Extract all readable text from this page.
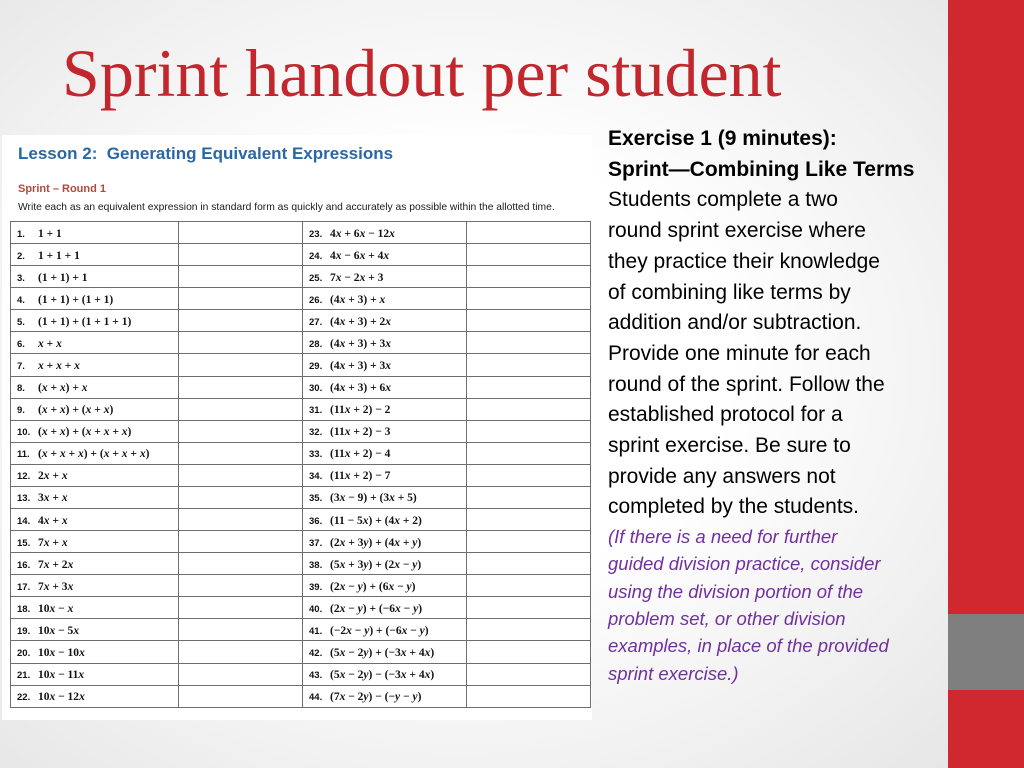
Sprint handout per student
Lesson 2:  Generating Equivalent Expressions
Sprint – Round 1
Write each as an equivalent expression in standard form as quickly and accurately as possible within the allotted time.
1. 1 + 1		23. 4x + 6x − 12x	
2. 1 + 1 + 1		24. 4x − 6x + 4x	
3. (1 + 1) + 1		25. 7x − 2x + 3	
4. (1 + 1) + (1 + 1)		26. (4x + 3) + x	
5. (1 + 1) + (1 + 1 + 1)		27. (4x + 3) + 2x	
6. x + x		28. (4x + 3) + 3x	
7. x + x + x		29. (4x + 3) + 3x	
8. (x + x) + x		30. (4x + 3) + 6x	
9. (x + x) + (x + x)		31. (11x + 2) − 2	
10. (x + x) + (x + x + x)		32. (11x + 2) − 3	
11. (x + x + x) + (x + x + x)		33. (11x + 2) − 4	
12. 2x + x		34. (11x + 2) − 7	
13. 3x + x		35. (3x − 9) + (3x + 5)	
14. 4x + x		36. (11 − 5x) + (4x + 2)	
15. 7x + x		37. (2x + 3y) + (4x + y)	
16. 7x + 2x		38. (5x + 3y) + (2x − y)	
17. 7x + 3x		39. (2x − y) + (6x − y)	
18. 10x − x		40. (2x − y) + (−6x − y)	
19. 10x − 5x		41. (−2x − y) + (−6x − y)	
20. 10x − 10x		42. (5x − 2y) + (−3x + 4x)	
21. 10x − 11x		43. (5x − 2y) − (−3x + 4x)	
22. 10x − 12x		44. (7x − 2y) − (−y − y)	
Exercise 1 (9 minutes):
Sprint—Combining Like Terms
Students complete a two
round sprint exercise where
they practice their knowledge
of combining like terms by
addition and/or subtraction.
Provide one minute for each
round of the sprint. Follow the
established protocol for a
sprint exercise. Be sure to
provide any answers not
completed by the students.
(If there is a need for further
guided division practice, consider
using the division portion of the
problem set, or other division
examples, in place of the provided
sprint exercise.)
